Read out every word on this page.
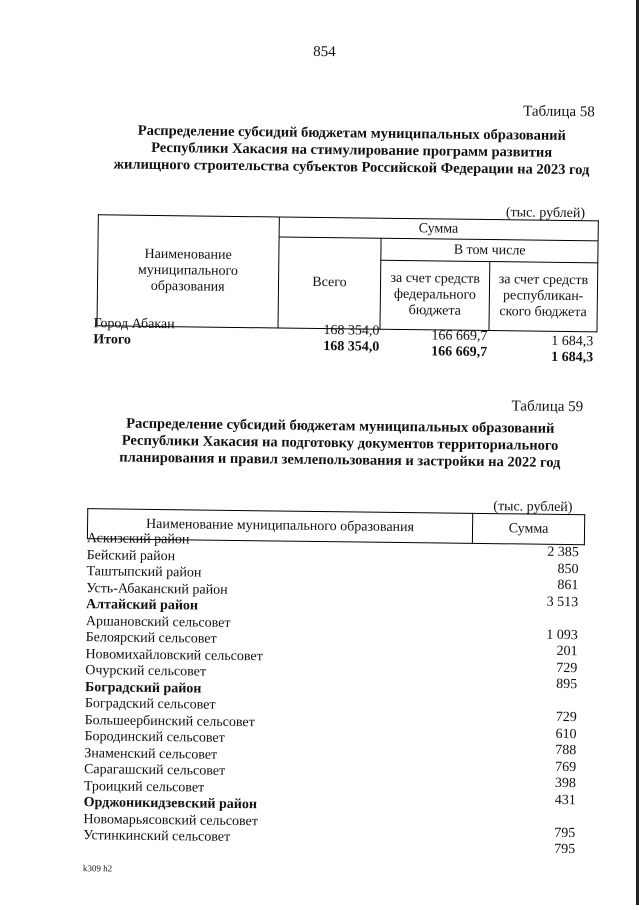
854
Таблица 58
Распределение субсидий бюджетам муниципальных образований
Республики Хакасия на стимулирование программ развития
жилищного строительства субъектов Российской Федерации на 2023 год
(тыс. рублей)
Наименование муниципального образования	Сумма		
	Всего	В том числе	
		за счет средств федерального бюджета	за счет средств республикан- ского бюджета
Город Абакан	168 354,0	166 669,7	1 684,3
Итого	168 354,0	166 669,7	1 684,3
Таблица 59
Распределение субсидий бюджетам муниципальных образований
Республики Хакасия на подготовку документов территориального
планирования и правил землепользования и застройки на 2022 год
(тыс. рублей)
Наименование муниципального образования	Сумма
Аскизский район
Бейский район	2 385
Таштыпский район	850
Усть-Абаканский район	861
Алтайский район	3 513
Аршановский сельсовет
Белоярский сельсовет	1 093
Новомихайловский сельсовет	201
Очурский сельсовет	729
Боградский район	895
Боградский сельсовет
Большеербинский сельсовет	729
Бородинский сельсовет	610
Знаменский сельсовет	788
Сарагашский сельсовет	769
Троицкий сельсовет	398
Орджоникидзевский район	431
Новомарьясовский сельсовет
Устинкинский сельсовет	795
795
k309 h2
